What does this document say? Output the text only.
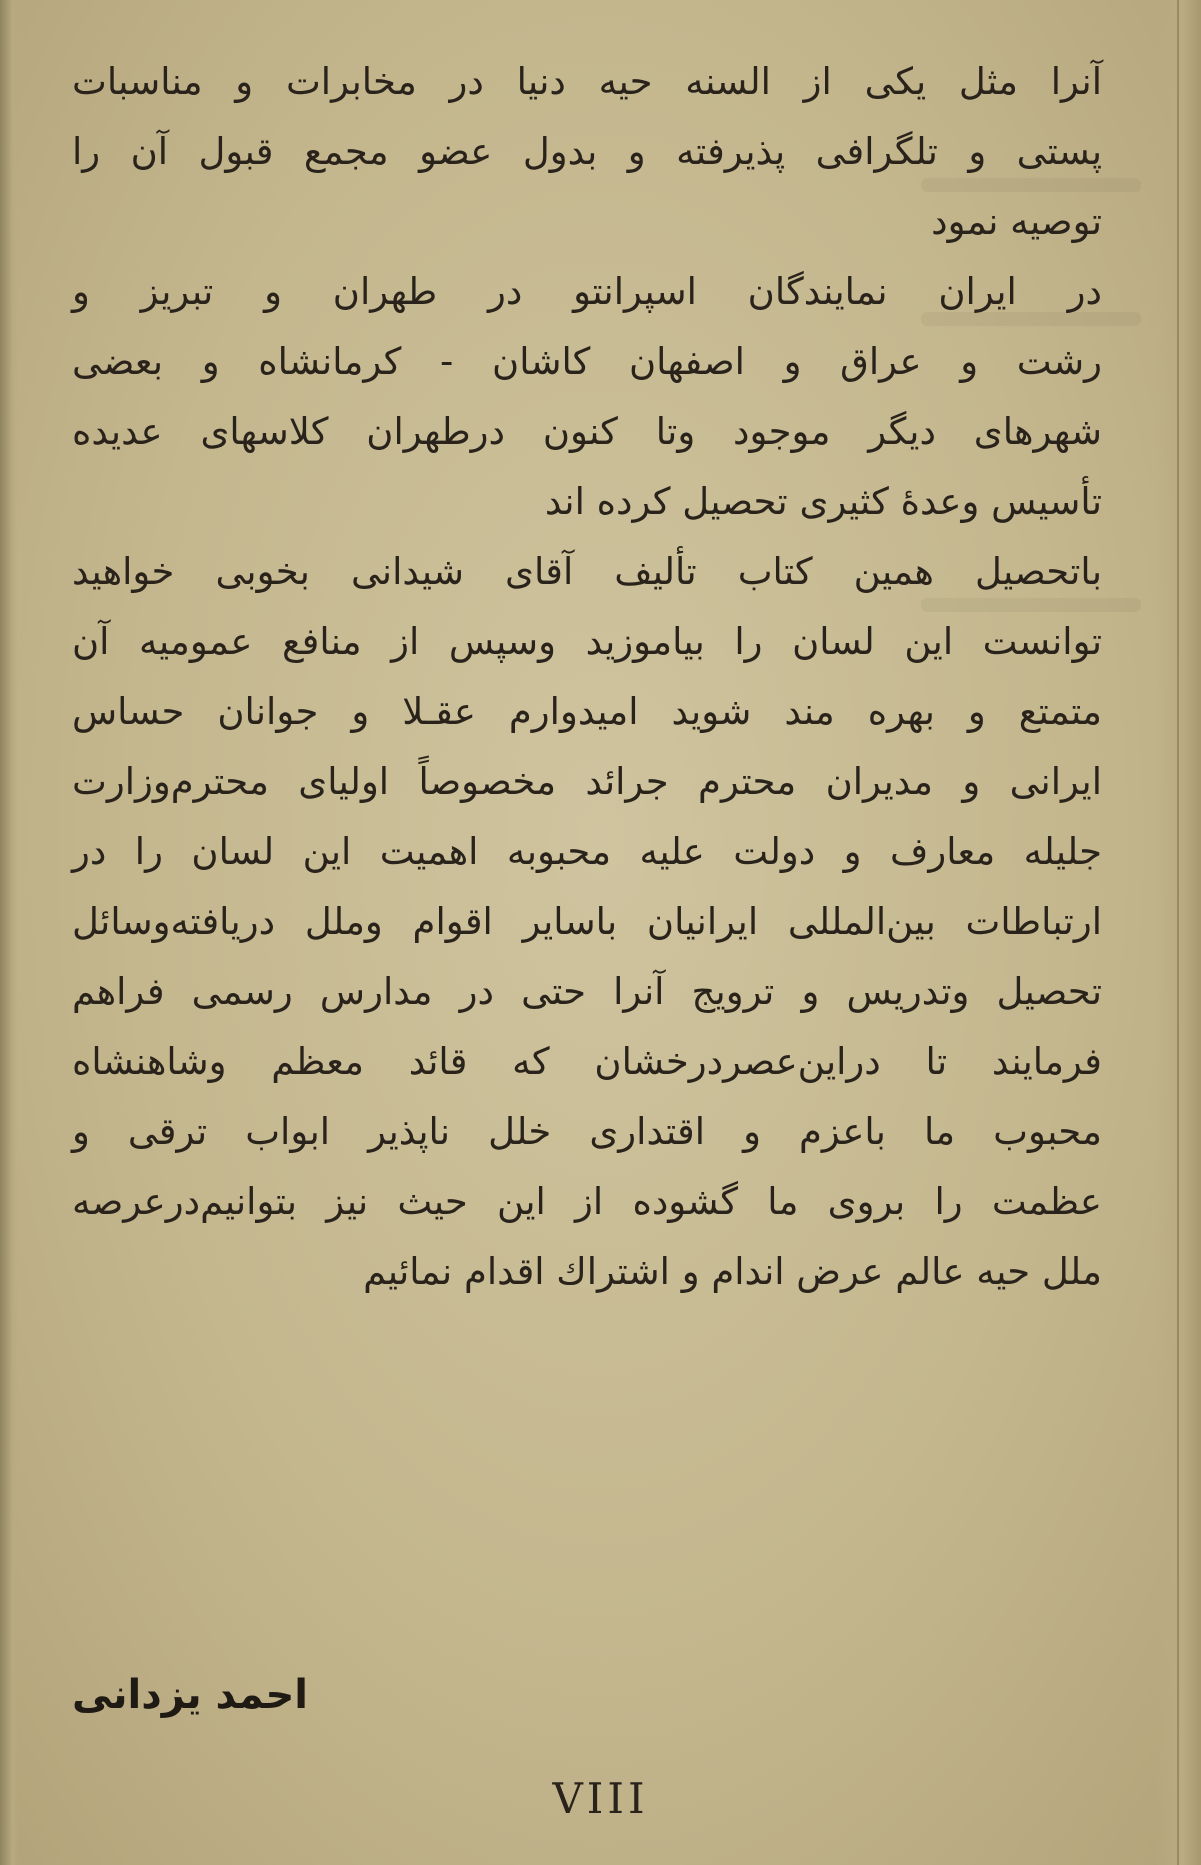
آنرا مثل یکی از السنه حیه دنیا در مخابرات و مناسبات
پستی و تلگرافی پذیرفته و بدول عضو مجمع قبول آن را
توصیه نمود
در ایران نمایندگان اسپرانتو در طهران و تبریز و
رشت و عراق و اصفهان کاشان - کرمانشاه و بعضی
شهرهای دیگر موجود وتا کنون درطهران کلاسهای عدیده
تأسیس وعدهٔ کثیری تحصیل کرده اند
باتحصیل همین کتاب تألیف آقای شیدانی بخوبی خواهید
توانست این لسان را بیاموزید وسپس از منافع عمومیه آن
متمتع و بهره مند شوید امیدوارم عقـلا و جوانان حساس
ایرانی و مدیران محترم جرائد مخصوصاً اولیای محترم‌وزارت
جلیله معارف و دولت علیه محبوبه اهمیت این لسان را در
ارتباطات بین‌المللی ایرانیان باسایر اقوام وملل دریافته‌وسائل
تحصیل وتدریس و ترویج آنرا حتی در مدارس رسمی فراهم
فرمایند تا دراین‌عصردرخشان که قائد معظم وشاهنشاه
محبوب ما باعزم و اقتداری خلل ناپذیر ابواب ترقی و
عظمت را بروی ما گشوده از این حیث نیز بتوانیم‌درعرصه
ملل حیه عالم عرض اندام و اشتراك اقدام نمائیم
احمد یزدانی
VIII
